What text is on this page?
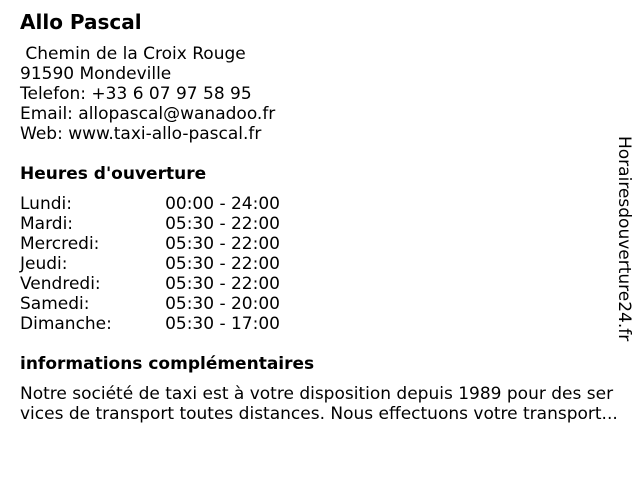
Allo Pascal
Chemin de la Croix Rouge
91590 Mondeville
Telefon: +33 6 07 97 58 95
Email: allopascal@wanadoo.fr
Web: www.taxi-allo-pascal.fr
Heures d'ouverture
Lundi:	00:00 - 24:00
Mardi:	05:30 - 22:00
Mercredi:	05:30 - 22:00
Jeudi:	05:30 - 22:00
Vendredi:	05:30 - 22:00
Samedi:	05:30 - 20:00
Dimanche:	05:30 - 17:00
informations complémentaires
Notre société de taxi est à votre disposition depuis 1989 pour des ser
vices de transport toutes distances. Nous effectuons votre transport...
Horairesdouverture24.fr
